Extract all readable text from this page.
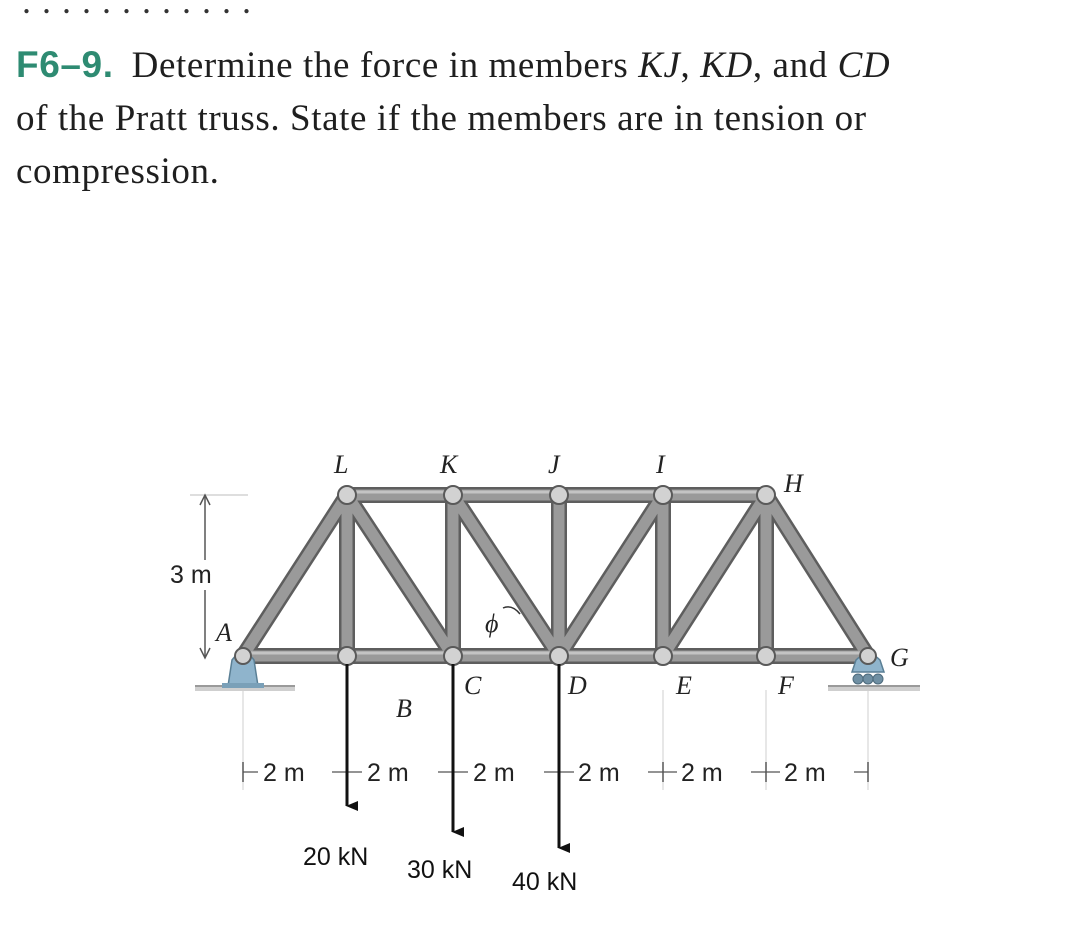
. . . . . . . . . . . .
F6–9. Determine the force in members KJ, KD, and CD
of the Pratt truss. State if the members are in tension or
compression.
3 m
L	K	J	I
H
A
B
C	D	E	F
G
ϕ
2 m 2 m	2 m	2 m 2 m 2 m
20 kN 30 kN 40 kN
